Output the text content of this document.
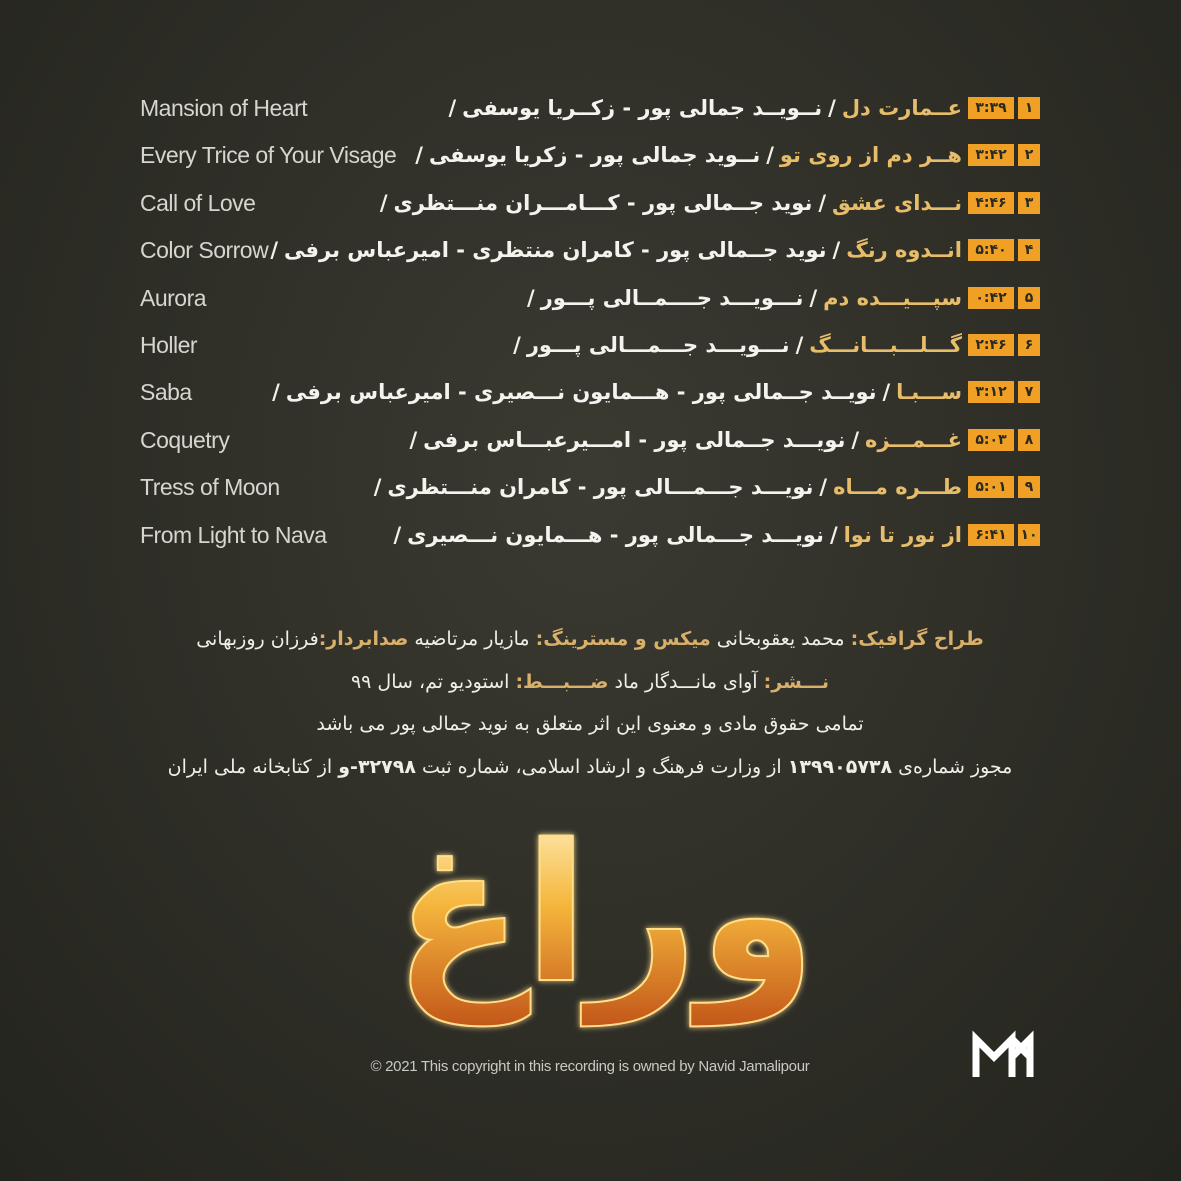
Mansion of Heart	عــمارت دل/نــویــد جمالی پور - زکــریا یوسفی/	۳:۳۹	۱
Every Trice of Your Visage	هــر دم از روی تو/نــوید جمالی پور - زکریا یوسفی/	۳:۴۲	۲
Call of Love	نـــدای عشق/نوید جــمالی پور - کـــامـــران منـــتظری/	۴:۴۶	۳
Color Sorrow	انــدوه رنگ/نوید جــمالی پور - کامران منتظری - امیرعباس برفی/	۵:۴۰	۴
Aurora	سپـــیـــده دم/نـــویـــد جــــمــالی پـــور/	۰:۴۲	۵
Holler	گـــلـــبـــانـــگ/نـــویـــد جـــمـــالی پـــور/	۲:۴۶	۶
Saba	ســـبـا/نویــد جــمالی پور - هـــمایون نـــصیری - امیرعباس برفی/	۳:۱۲	۷
Coquetry	غـــمـــزه/نویـــد جــمالی پور - امـــیرعبـــاس برفی/	۵:۰۳	۸
Tress of Moon	طـــره مـــاه/نویـــد جـــمـــالی پور - کامران منـــتظری/	۵:۰۱	۹
From Light to Nava	از نور تا نوا/نویـــد جـــمالی پور - هـــمایون نـــصیری/	۶:۴۱ ۱۰
طراح گرافیک: محمد یعقوبخانی میکس و مسترینگ: مازیار مرتاضیه صدابردار:فرزان روزبهانی
نـــشر: آوای مانـــدگار ماد ضـــبـــط: استودیو تم، سال ۹۹
تمامی حقوق مادی و معنوی این اثر متعلق به نوید جمالی پور می باشد
مجوز شماره‌ی ۱۳۹۹۰۵۷۳۸ از وزارت فرهنگ و ارشاد اسلامی، شماره ثبت ۳۲۷۹۸-و از کتابخانه ملی ایران
وراغ
© 2021 This copyright in this recording is owned by Navid Jamalipour
